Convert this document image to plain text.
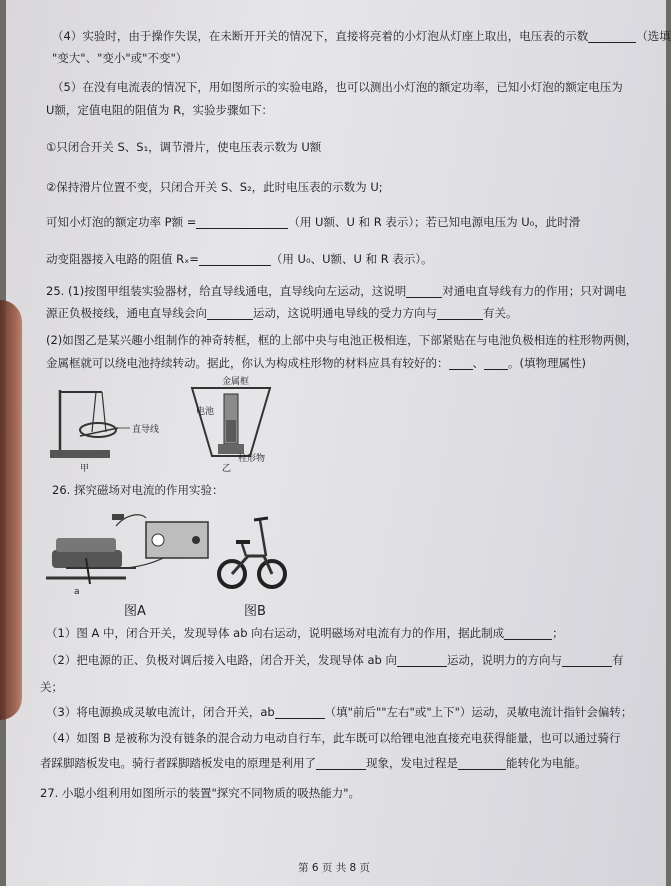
（4）实验时，由于操作失误，在未断开开关的情况下，直接将亮着的小灯泡从灯座上取出，电压表的示数	（选填
"变大"、"变小"或"不变"）
（5）在没有电流表的情况下，用如图所示的实验电路，也可以测出小灯泡的额定功率，已知小灯泡的额定电压为
U额，定值电阻的阻值为 R，实验步骤如下：
①只闭合开关 S、S₁，调节滑片，使电压表示数为 U额
②保持滑片位置不变，只闭合开关 S、S₂，此时电压表的示数为 U;
可知小灯泡的额定功率 P额 =	（用 U额、U 和 R 表示）；若已知电源电压为 U₀，此时滑
动变阻器接入电路的阻值 Rₓ=	（用 U₀、U额、U 和 R 表示）。
25. (1)按图甲组装实验器材，给直导线通电，直导线向左运动，这说明	对通电直导线有力的作用；只对调电
源正负极接线，通电直导线会向	运动，这说明通电导线的受力方向与	有关。
(2)如图乙是某兴趣小组制作的神奇转框，框的上部中央与电池正极相连，下部紧贴在与电池负极相连的柱形物两侧，
金属框就可以绕电池持续转动。据此，你认为构成柱形物的材料应具有较好的： 、 。(填物理属性)
直导线
甲
金属框
电池
柱形物
乙
26. 探究磁场对电流的作用实验：
a
图A	图B
（1）图 A 中，闭合开关，发现导体 ab 向右运动，说明磁场对电流有力的作用，据此制成	；
（2）把电源的正、负极对调后接入电路，闭合开关，发现导体 ab 向	运动，说明力的方向与	有
关；
（3）将电源换成灵敏电流计，闭合开关，ab	（填"前后""左右"或"上下"）运动，灵敏电流计指针会偏转；
（4）如图 B 是被称为没有链条的混合动力电动自行车，此车既可以给锂电池直接充电获得能量，也可以通过骑行
者踩脚踏板发电。骑行者踩脚踏板发电的原理是利用了	现象，发电过程是	能转化为电能。
27. 小聪小组利用如图所示的装置"探究不同物质的吸热能力"。
第 6 页 共 8 页
